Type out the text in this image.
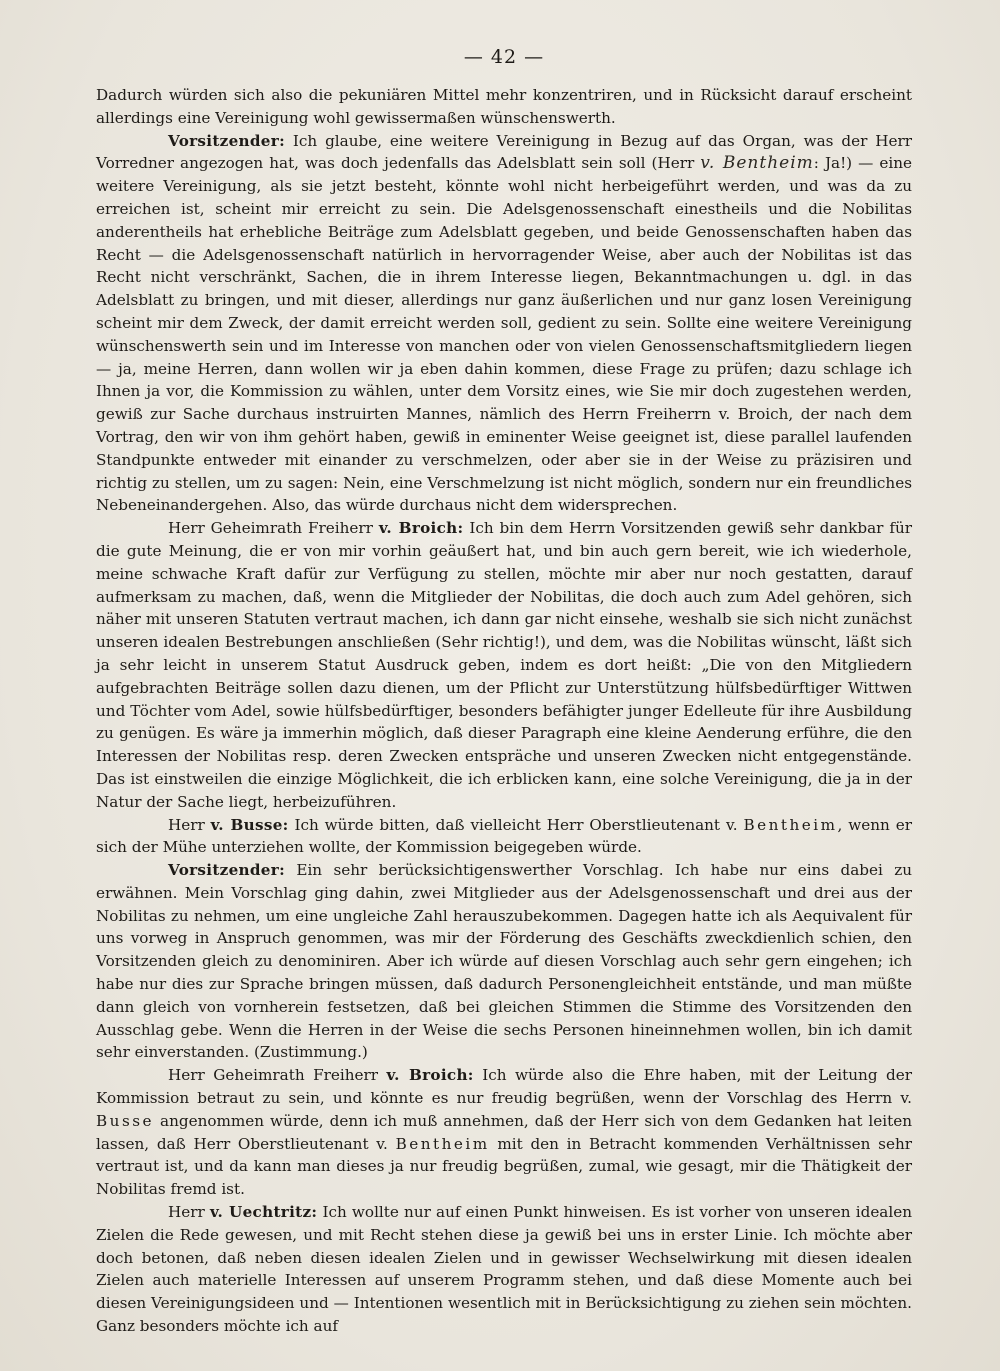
— 42 —

Dadurch würden sich also die pekuniären Mittel mehr konzentriren, und in Rücksicht darauf erscheint allerdings eine Vereinigung wohl gewissermaßen wünschenswerth.

Vorsitzender: Ich glaube, eine weitere Vereinigung in Bezug auf das Organ, was der Herr Vorredner angezogen hat, was doch jedenfalls das Adelsblatt sein soll (Herr v. Bentheim: Ja!) — eine weitere Vereinigung, als sie jetzt besteht, könnte wohl nicht herbeigeführt werden, und was da zu erreichen ist, scheint mir erreicht zu sein. Die Adelsgenossenschaft einestheils und die Nobilitas anderentheils hat erhebliche Beiträge zum Adelsblatt gegeben, und beide Genossenschaften haben das Recht — die Adelsgenossenschaft natürlich in hervorragender Weise, aber auch der Nobilitas ist das Recht nicht verschränkt, Sachen, die in ihrem Interesse liegen, Bekanntmachungen u. dgl. in das Adelsblatt zu bringen, und mit dieser, allerdings nur ganz äußerlichen und nur ganz losen Vereinigung scheint mir dem Zweck, der damit erreicht werden soll, gedient zu sein. Sollte eine weitere Vereinigung wünschenswerth sein und im Interesse von manchen oder von vielen Genossenschaftsmitgliedern liegen — ja, meine Herren, dann wollen wir ja eben dahin kommen, diese Frage zu prüfen; dazu schlage ich Ihnen ja vor, die Kommission zu wählen, unter dem Vorsitz eines, wie Sie mir doch zugestehen werden, gewiß zur Sache durchaus instruirten Mannes, nämlich des Herrn Freiherrn v. Broich, der nach dem Vortrag, den wir von ihm gehört haben, gewiß in eminenter Weise geeignet ist, diese parallel laufenden Standpunkte entweder mit einander zu verschmelzen, oder aber sie in der Weise zu präzisiren und richtig zu stellen, um zu sagen: Nein, eine Verschmelzung ist nicht möglich, sondern nur ein freundliches Nebeneinandergehen. Also, das würde durchaus nicht dem widersprechen.

Herr Geheimrath Freiherr v. Broich: Ich bin dem Herrn Vorsitzenden gewiß sehr dankbar für die gute Meinung, die er von mir vorhin geäußert hat, und bin auch gern bereit, wie ich wiederhole, meine schwache Kraft dafür zur Verfügung zu stellen, möchte mir aber nur noch gestatten, darauf aufmerksam zu machen, daß, wenn die Mitglieder der Nobilitas, die doch auch zum Adel gehören, sich näher mit unseren Statuten vertraut machen, ich dann gar nicht einsehe, weshalb sie sich nicht zunächst unseren idealen Bestrebungen anschließen (Sehr richtig!), und dem, was die Nobilitas wünscht, läßt sich ja sehr leicht in unserem Statut Ausdruck geben, indem es dort heißt: „Die von den Mitgliedern aufgebrachten Beiträge sollen dazu dienen, um der Pflicht zur Unterstützung hülfsbedürftiger Wittwen und Töchter vom Adel, sowie hülfsbedürftiger, besonders befähigter junger Edelleute für ihre Ausbildung zu genügen. Es wäre ja immerhin möglich, daß dieser Paragraph eine kleine Aenderung erführe, die den Interessen der Nobilitas resp. deren Zwecken entspräche und unseren Zwecken nicht entgegenstände. Das ist einstweilen die einzige Möglichkeit, die ich erblicken kann, eine solche Vereinigung, die ja in der Natur der Sache liegt, herbeizuführen.

Herr v. Busse: Ich würde bitten, daß vielleicht Herr Oberstlieutenant v. Bentheim, wenn er sich der Mühe unterziehen wollte, der Kommission beigegeben würde.

Vorsitzender: Ein sehr berücksichtigenswerther Vorschlag. Ich habe nur eins dabei zu erwähnen. Mein Vorschlag ging dahin, zwei Mitglieder aus der Adelsgenossenschaft und drei aus der Nobilitas zu nehmen, um eine ungleiche Zahl herauszubekommen. Dagegen hatte ich als Aequivalent für uns vorweg in Anspruch genommen, was mir der Förderung des Geschäfts zweckdienlich schien, den Vorsitzenden gleich zu denominiren. Aber ich würde auf diesen Vorschlag auch sehr gern eingehen; ich habe nur dies zur Sprache bringen müssen, daß dadurch Personengleichheit entstände, und man müßte dann gleich von vornherein festsetzen, daß bei gleichen Stimmen die Stimme des Vorsitzenden den Ausschlag gebe. Wenn die Herren in der Weise die sechs Personen hineinnehmen wollen, bin ich damit sehr einverstanden. (Zustimmung.)

Herr Geheimrath Freiherr v. Broich: Ich würde also die Ehre haben, mit der Leitung der Kommission betraut zu sein, und könnte es nur freudig begrüßen, wenn der Vorschlag des Herrn v. Busse angenommen würde, denn ich muß annehmen, daß der Herr sich von dem Gedanken hat leiten lassen, daß Herr Oberstlieutenant v. Bentheim mit den in Betracht kommenden Verhältnissen sehr vertraut ist, und da kann man dieses ja nur freudig begrüßen, zumal, wie gesagt, mir die Thätigkeit der Nobilitas fremd ist.

Herr v. Uechtritz: Ich wollte nur auf einen Punkt hinweisen. Es ist vorher von unseren idealen Zielen die Rede gewesen, und mit Recht stehen diese ja gewiß bei uns in erster Linie. Ich möchte aber doch betonen, daß neben diesen idealen Zielen und in gewisser Wechselwirkung mit diesen idealen Zielen auch materielle Interessen auf unserem Programm stehen, und daß diese Momente auch bei diesen Vereinigungsideen und — Intentionen wesentlich mit in Berücksichtigung zu ziehen sein möchten. Ganz besonders möchte ich auf
